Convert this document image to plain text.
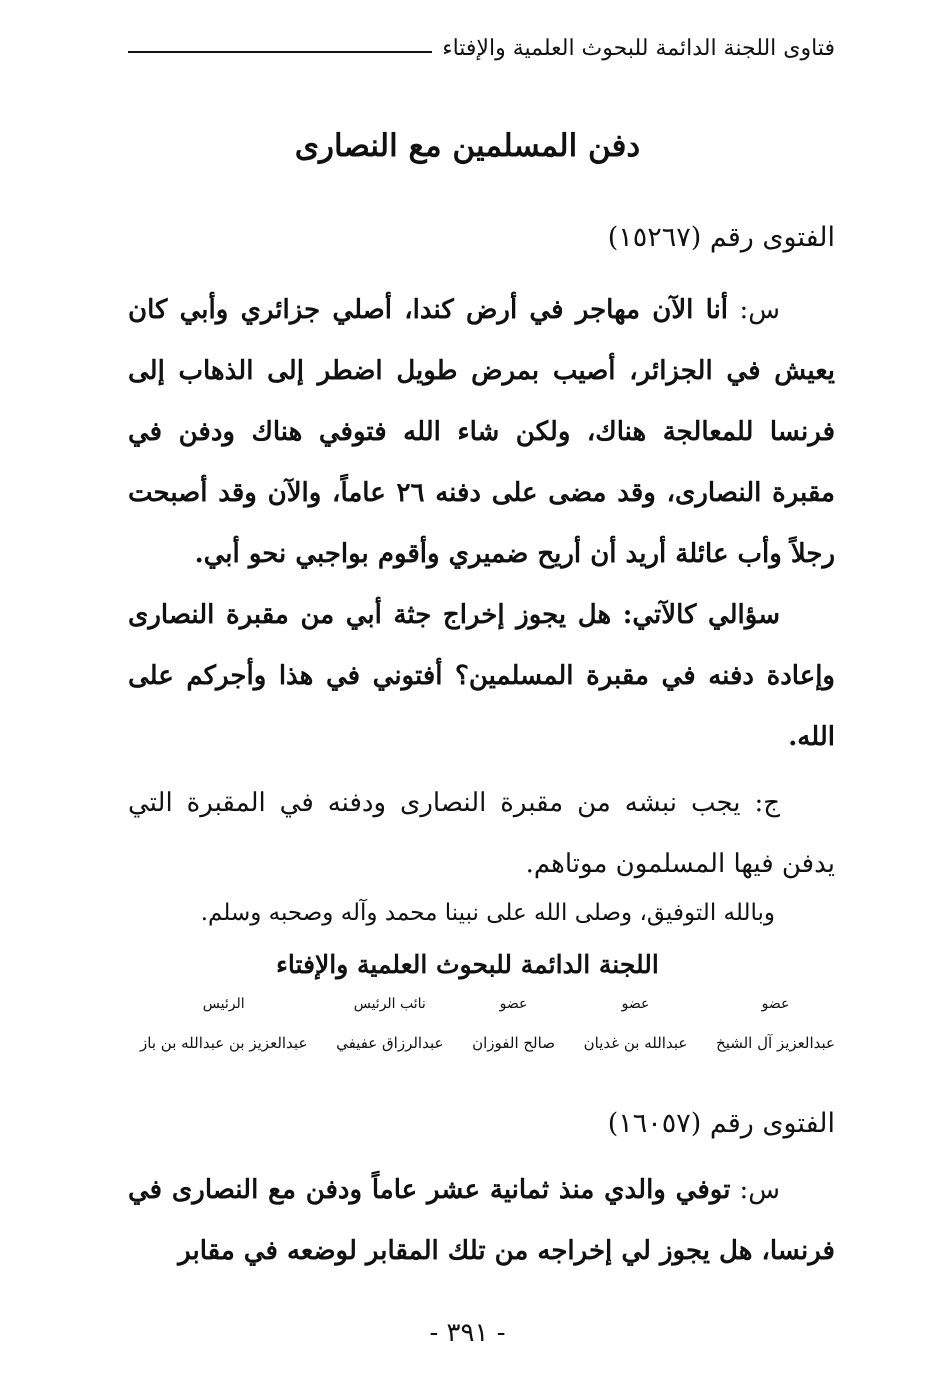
فتاوى اللجنة الدائمة للبحوث العلمية والإفتاء
دفن المسلمين مع النصارى
الفتوى رقم (١٥٢٦٧)

س: أنا الآن مهاجر في أرض كندا، أصلي جزائري وأبي كان يعيش في الجزائر، أصيب بمرض طويل اضطر إلى الذهاب إلى فرنسا للمعالجة هناك، ولكن شاء الله فتوفي هناك ودفن في مقبرة النصارى، وقد مضى على دفنه ٢٦ عاماً، والآن وقد أصبحت رجلاً وأب عائلة أريد أن أريح ضميري وأقوم بواجبي نحو أبي.

سؤالي كالآتي: هل يجوز إخراج جثة أبي من مقبرة النصارى وإعادة دفنه في مقبرة المسلمين؟ أفتوني في هذا وأجركم على الله.

ج: يجب نبشه من مقبرة النصارى ودفنه في المقبرة التي يدفن فيها المسلمون موتاهم.

وبالله التوفيق، وصلى الله على نبينا محمد وآله وصحبه وسلم.
اللجنة الدائمة للبحوث العلمية والإفتاء
عضو
عبدالعزيز آل الشيخ
عضو
عبدالله بن غديان
عضو
صالح الفوزان
نائب الرئيس
عبدالرزاق عفيفي
الرئيس
عبدالعزيز بن عبدالله بن باز
الفتوى رقم (١٦٠٥٧)

س: توفي والدي منذ ثمانية عشر عاماً ودفن مع النصارى في فرنسا، هل يجوز لي إخراجه من تلك المقابر لوضعه في مقابر

- ٣٩١ -
